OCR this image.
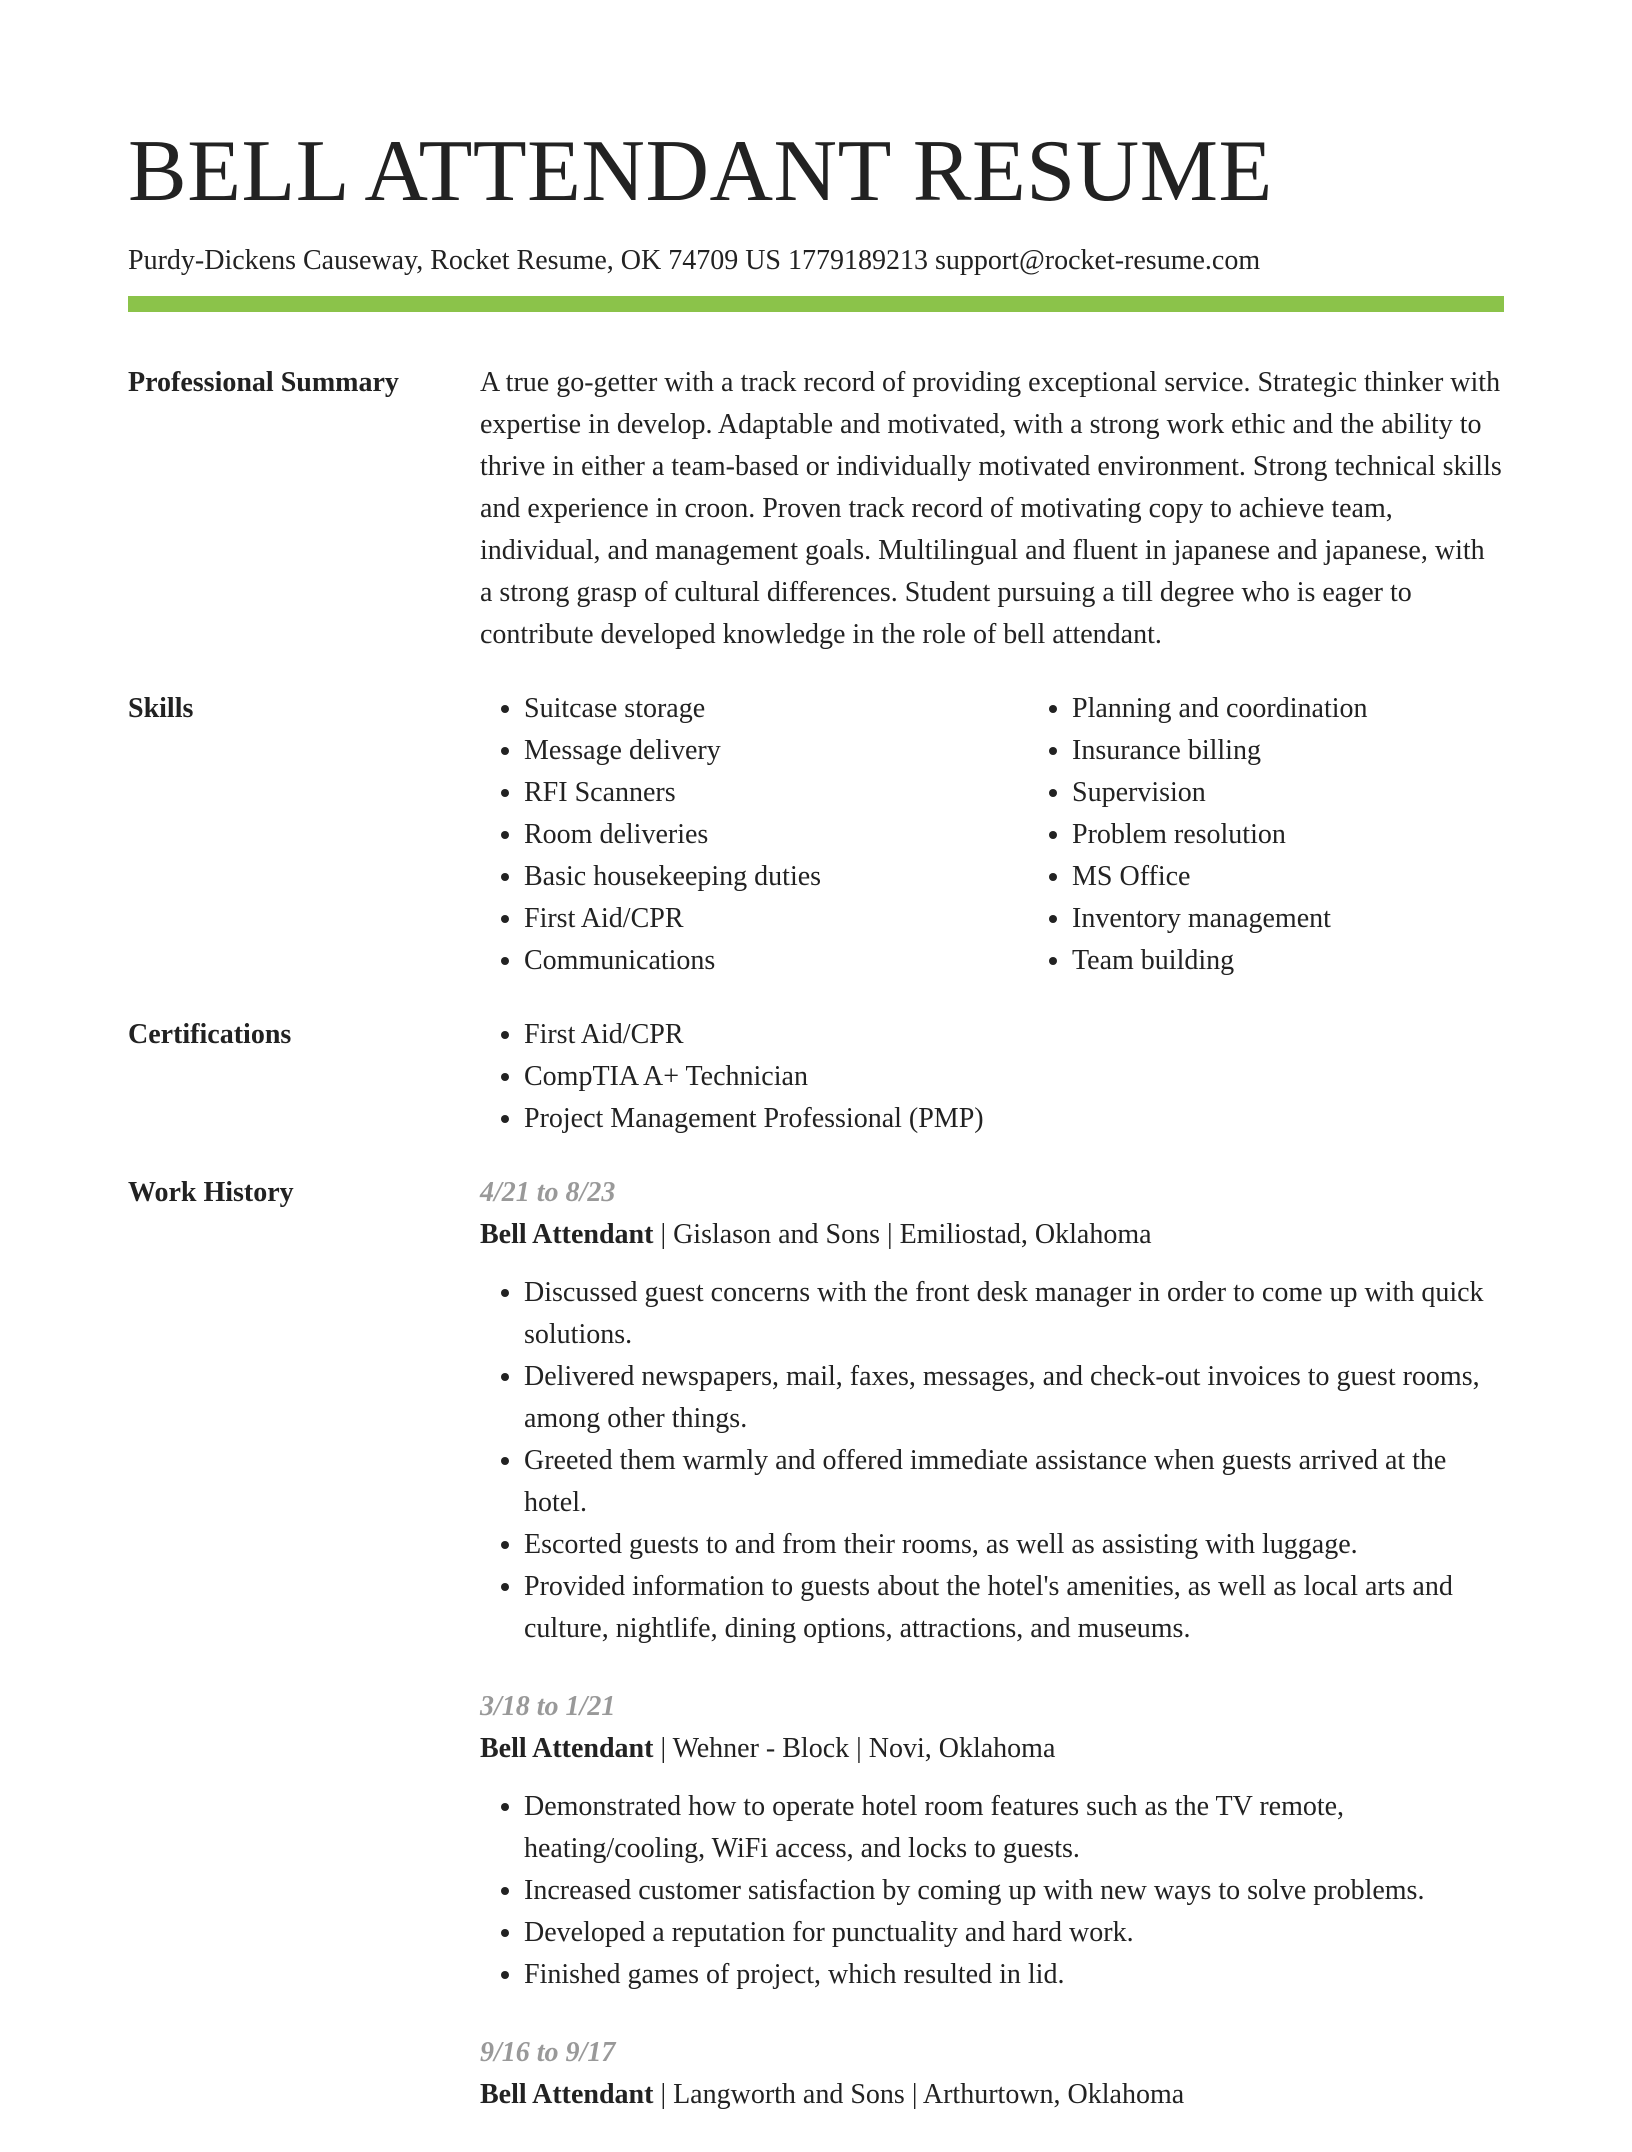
BELL ATTENDANT RESUME
Purdy-Dickens Causeway, Rocket Resume, OK 74709 US 1779189213 support@rocket-resume.com
Professional Summary	A true go-getter with a track record of providing exceptional service. Strategic thinker with expertise in develop. Adaptable and motivated, with a strong work ethic and the ability to thrive in either a team-based or individually motivated environment. Strong technical skills and experience in croon. Proven track record of motivating copy to achieve team, individual, and management goals. Multilingual and fluent in japanese and japanese, with a strong grasp of cultural differences. Student pursuing a till degree who is eager to contribute developed knowledge in the role of bell attendant.
Skills	• Suitcase storage
• Message delivery
• RFI Scanners
• Room deliveries
• Basic housekeeping duties
• First Aid/CPR
• Communications
• Planning and coordination
• Insurance billing
• Supervision
• Problem resolution
• MS Office
• Inventory management
• Team building
Certifications	• First Aid/CPR
• CompTIA A+ Technician
• Project Management Professional (PMP)
Work History	4/21 to 8/23
Bell Attendant | Gislason and Sons | Emiliostad, Oklahoma
• Discussed guest concerns with the front desk manager in order to come up with quick solutions.
• Delivered newspapers, mail, faxes, messages, and check-out invoices to guest rooms, among other things.
• Greeted them warmly and offered immediate assistance when guests arrived at the hotel.
• Escorted guests to and from their rooms, as well as assisting with luggage.
• Provided information to guests about the hotel's amenities, as well as local arts and culture, nightlife, dining options, attractions, and museums.
3/18 to 1/21
Bell Attendant | Wehner - Block | Novi, Oklahoma
• Demonstrated how to operate hotel room features such as the TV remote, heating/cooling, WiFi access, and locks to guests.
• Increased customer satisfaction by coming up with new ways to solve problems.
• Developed a reputation for punctuality and hard work.
• Finished games of project, which resulted in lid.
9/16 to 9/17
Bell Attendant | Langworth and Sons | Arthurtown, Oklahoma
